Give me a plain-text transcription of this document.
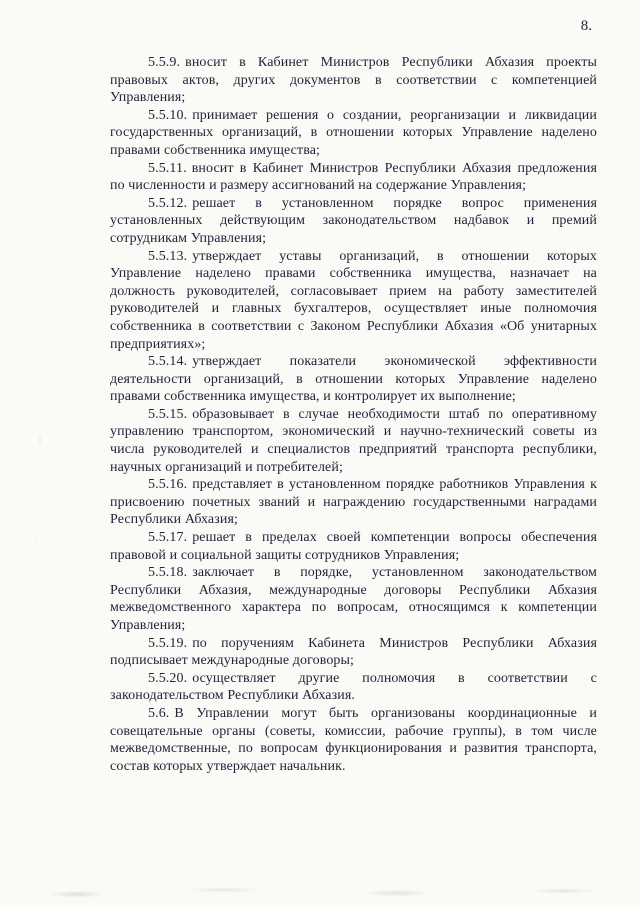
8.

5.5.9. вносит в Кабинет Министров Республики Абхазия проекты правовых актов, других документов в соответствии с компетенцией Управления;

5.5.10. принимает решения о создании, реорганизации и ликвидации государственных организаций, в отношении которых Управление наделено правами собственника имущества;

5.5.11. вносит в Кабинет Министров Республики Абхазия предложения по численности и размеру ассигнований на содержание Управления;

5.5.12. решает в установленном порядке вопрос применения установленных действующим законодательством надбавок и премий сотрудникам Управления;

5.5.13. утверждает уставы организаций, в отношении которых Управление наделено правами собственника имущества, назначает на должность руководителей, согласовывает прием на работу заместителей руководителей и главных бухгалтеров, осуществляет иные полномочия собственника в соответствии с Законом Республики Абхазия «Об унитарных предприятиях»;

5.5.14. утверждает показатели экономической эффективности деятельности организаций, в отношении которых Управление наделено правами собственника имущества, и контролирует их выполнение;

5.5.15. образовывает в случае необходимости штаб по оперативному управлению транспортом, экономический и научно-технический советы из числа руководителей и специалистов предприятий транспорта республики, научных организаций и потребителей;

5.5.16. представляет в установленном порядке работников Управления к присвоению почетных званий и награждению государственными наградами Республики Абхазия;

5.5.17. решает в пределах своей компетенции вопросы обеспечения правовой и социальной защиты сотрудников Управления;

5.5.18. заключает в порядке, установленном законодательством Республики Абхазия, международные договоры Республики Абхазия межведомственного характера по вопросам, относящимся к компетенции Управления;

5.5.19. по поручениям Кабинета Министров Республики Абхазия подписывает международные договоры;

5.5.20. осуществляет другие полномочия в соответствии с законодательством Республики Абхазия.

5.6. В Управлении могут быть организованы координационные и совещательные органы (советы, комиссии, рабочие группы), в том числе межведомственные, по вопросам функционирования и развития транспорта, состав которых утверждает начальник.
